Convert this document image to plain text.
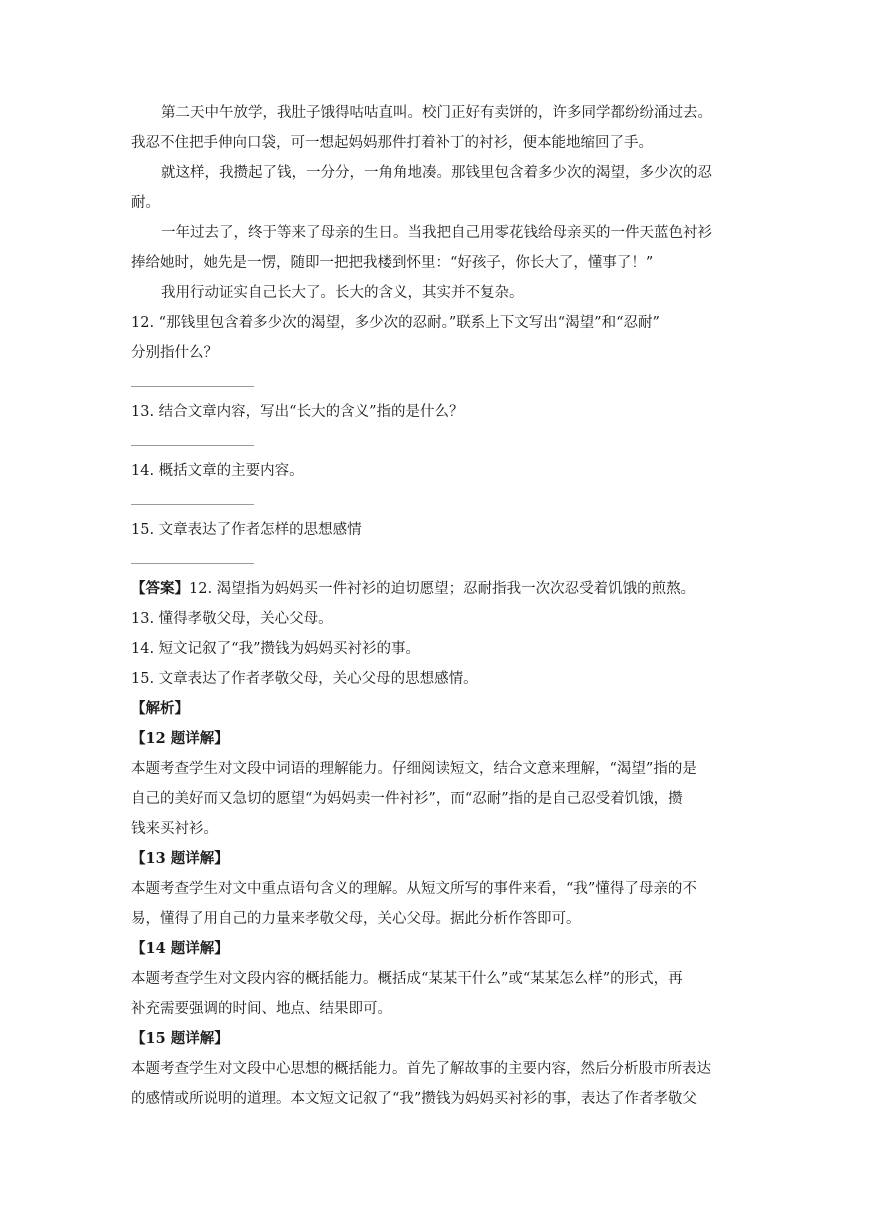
第二天中午放学，我肚子饿得咕咕直叫。校门正好有卖饼的，许多同学都纷纷涌过去。
我忍不住把手伸向口袋，可一想起妈妈那件打着补丁的衬衫，便本能地缩回了手。
就这样，我攒起了钱，一分分，一角角地凑。那钱里包含着多少次的渴望，多少次的忍
耐。
一年过去了，终于等来了母亲的生日。当我把自己用零花钱给母亲买的一件天蓝色衬衫
捧给她时，她先是一愣，随即一把把我楼到怀里：“好孩子，你长大了，懂事了！”
我用行动证实自己长大了。长大的含义，其实并不复杂。
12. “那钱里包含着多少次的渴望，多少次的忍耐。”联系上下文写出“渴望”和“忍耐”
分别指什么？
13. 结合文章内容，写出“长大的含义”指的是什么？
14. 概括文章的主要内容。
15. 文章表达了作者怎样的思想感情
【答案】12. 渴望指为妈妈买一件衬衫的迫切愿望；忍耐指我一次次忍受着饥饿的煎熬。
13. 懂得孝敬父母，关心父母。
14. 短文记叙了“我”攒钱为妈妈买衬衫的事。
15. 文章表达了作者孝敬父母，关心父母的思想感情。
【解析】
【12 题详解】
本题考查学生对文段中词语的理解能力。仔细阅读短文，结合文意来理解，“渴望”指的是
自己的美好而又急切的愿望“为妈妈卖一件衬衫”，而“忍耐”指的是自己忍受着饥饿，攒
钱来买衬衫。
【13 题详解】
本题考查学生对文中重点语句含义的理解。从短文所写的事件来看，“我”懂得了母亲的不
易，懂得了用自己的力量来孝敬父母，关心父母。据此分析作答即可。
【14 题详解】
本题考查学生对文段内容的概括能力。概括成“某某干什么”或“某某怎么样”的形式，再
补充需要强调的时间、地点、结果即可。
【15 题详解】
本题考查学生对文段中心思想的概括能力。首先了解故事的主要内容，然后分析股市所表达
的感情或所说明的道理。本文短文记叙了“我”攒钱为妈妈买衬衫的事，表达了作者孝敬父
